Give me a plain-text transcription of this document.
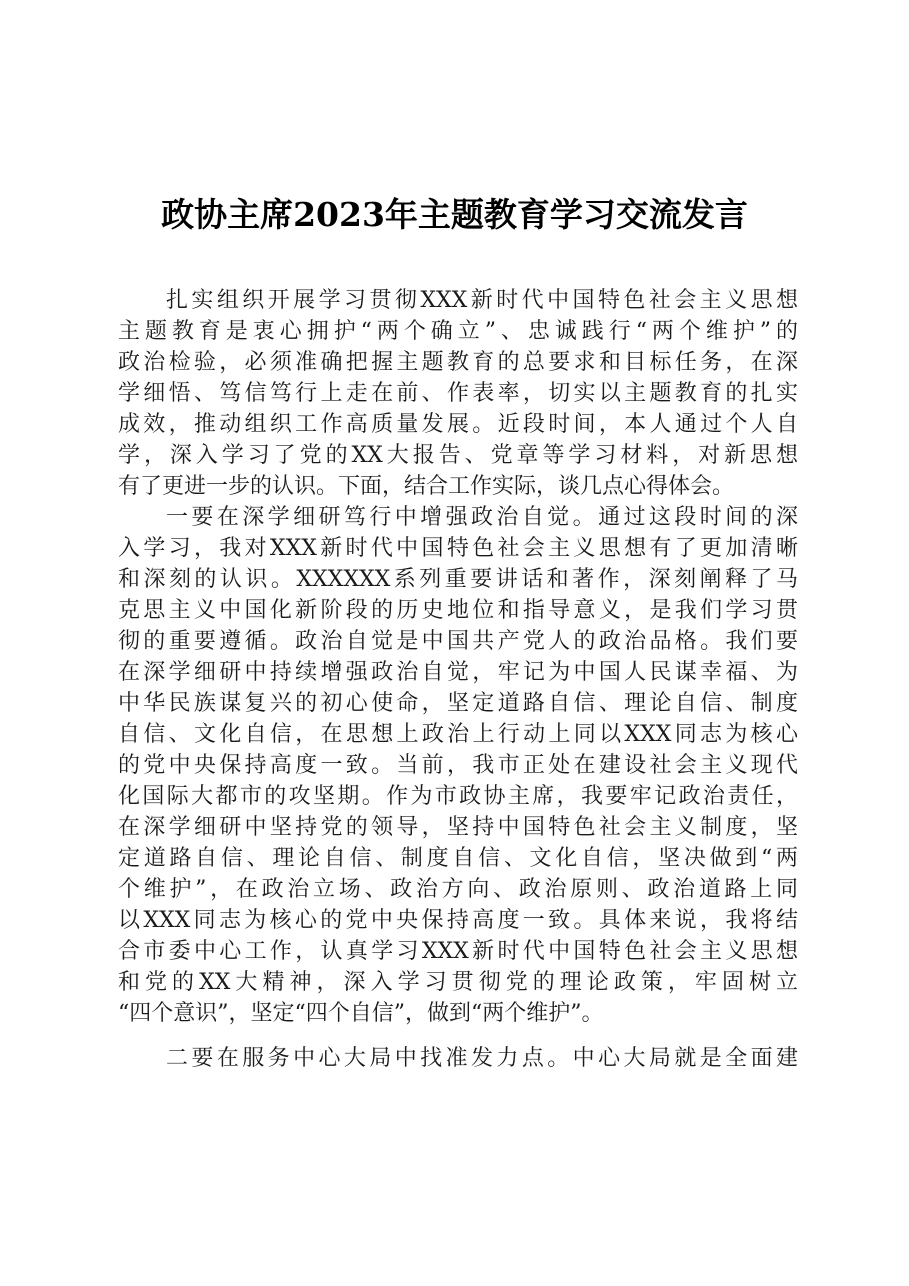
政协主席2023年主题教育学习交流发言
扎实组织开展学习贯彻XXX新时代中国特色社会主义思想
主题教育是衷心拥护“两个确立”、忠诚践行“两个维护”的
政治检验，必须准确把握主题教育的总要求和目标任务，在深
学细悟、笃信笃行上走在前、作表率，切实以主题教育的扎实
成效，推动组织工作高质量发展。近段时间，本人通过个人自
学，深入学习了党的XX大报告、党章等学习材料，对新思想
有了更进一步的认识。下面，结合工作实际，谈几点心得体会。
一要在深学细研笃行中增强政治自觉。通过这段时间的深
入学习，我对XXX新时代中国特色社会主义思想有了更加清晰
和深刻的认识。XXXXXX系列重要讲话和著作，深刻阐释了马
克思主义中国化新阶段的历史地位和指导意义，是我们学习贯
彻的重要遵循。政治自觉是中国共产党人的政治品格。我们要
在深学细研中持续增强政治自觉，牢记为中国人民谋幸福、为
中华民族谋复兴的初心使命，坚定道路自信、理论自信、制度
自信、文化自信，在思想上政治上行动上同以XXX同志为核心
的党中央保持高度一致。当前，我市正处在建设社会主义现代
化国际大都市的攻坚期。作为市政协主席，我要牢记政治责任，
在深学细研中坚持党的领导，坚持中国特色社会主义制度，坚
定道路自信、理论自信、制度自信、文化自信，坚决做到“两
个维护”，在政治立场、政治方向、政治原则、政治道路上同
以XXX同志为核心的党中央保持高度一致。具体来说，我将结
合市委中心工作，认真学习XXX新时代中国特色社会主义思想
和党的XX大精神，深入学习贯彻党的理论政策，牢固树立
“四个意识”，坚定“四个自信”，做到“两个维护”。
二要在服务中心大局中找准发力点。中心大局就是全面建
